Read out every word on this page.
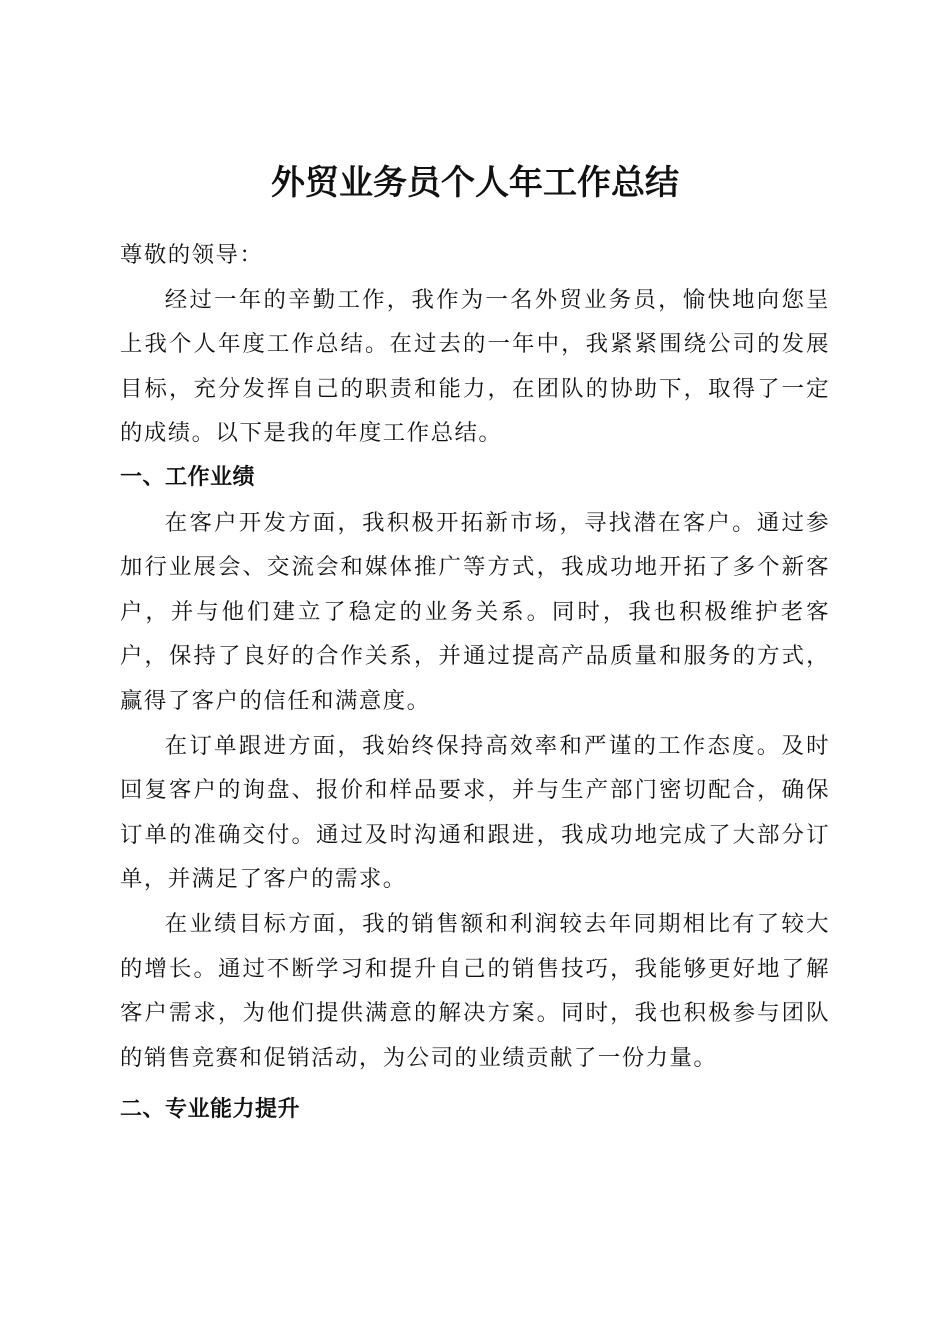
外贸业务员个人年工作总结

尊敬的领导：

经过一年的辛勤工作，我作为一名外贸业务员，愉快地向您呈上我个人年度工作总结。在过去的一年中，我紧紧围绕公司的发展目标，充分发挥自己的职责和能力，在团队的协助下，取得了一定的成绩。以下是我的年度工作总结。

一、工作业绩

在客户开发方面，我积极开拓新市场，寻找潜在客户。通过参加行业展会、交流会和媒体推广等方式，我成功地开拓了多个新客户，并与他们建立了稳定的业务关系。同时，我也积极维护老客户，保持了良好的合作关系，并通过提高产品质量和服务的方式，赢得了客户的信任和满意度。

在订单跟进方面，我始终保持高效率和严谨的工作态度。及时回复客户的询盘、报价和样品要求，并与生产部门密切配合，确保订单的准确交付。通过及时沟通和跟进，我成功地完成了大部分订单，并满足了客户的需求。

在业绩目标方面，我的销售额和利润较去年同期相比有了较大的增长。通过不断学习和提升自己的销售技巧，我能够更好地了解客户需求，为他们提供满意的解决方案。同时，我也积极参与团队的销售竞赛和促销活动，为公司的业绩贡献了一份力量。

二、专业能力提升
